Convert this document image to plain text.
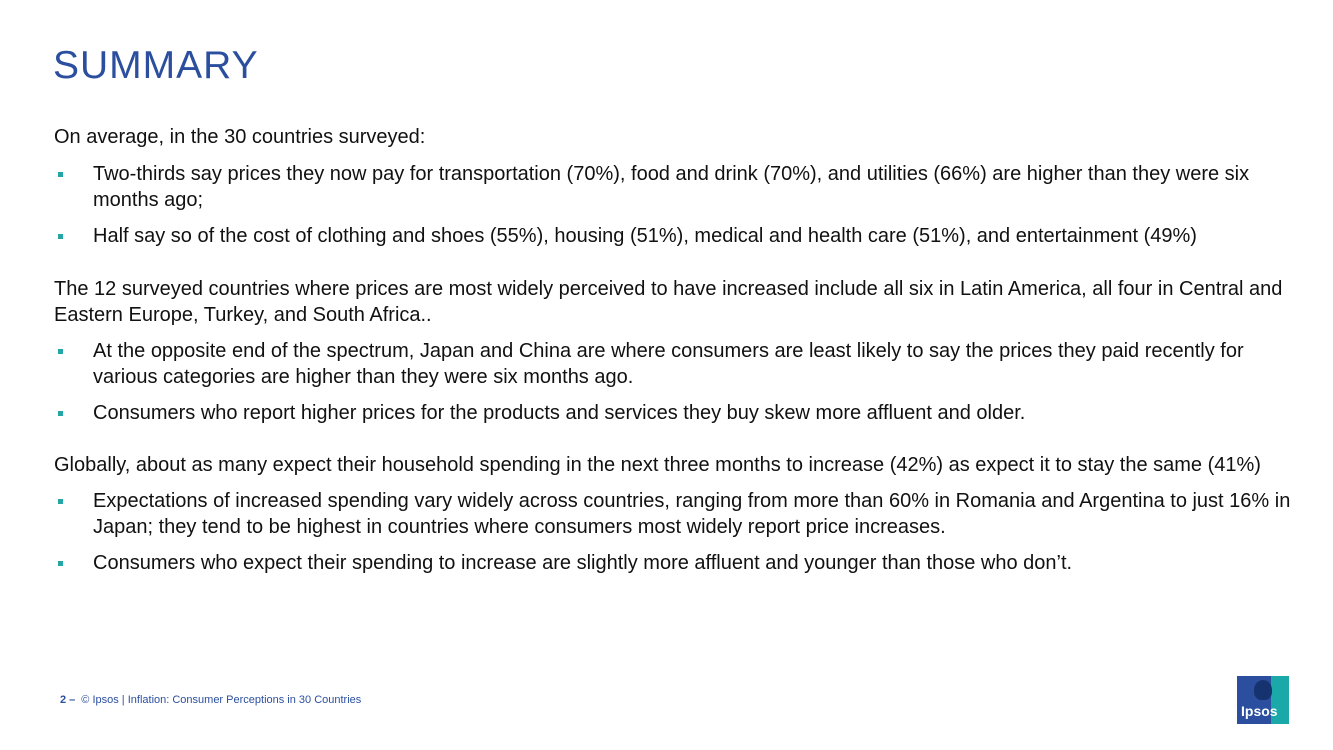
SUMMARY

On average, in the 30 countries surveyed:

Two-thirds say prices they now pay for transportation (70%), food and drink (70%), and utilities (66%) are higher than they were six months ago;
Half say so of the cost of clothing and shoes (55%), housing (51%), medical and health care (51%), and entertainment (49%)

The 12 surveyed countries where prices are most widely perceived to have increased include all six in Latin America, all four in Central and Eastern Europe, Turkey, and South Africa..

At the opposite end of the spectrum, Japan and China are where consumers are least likely to say the prices they paid recently for various categories are higher than they were six months ago.
Consumers who report higher prices for the products and services they buy skew more affluent and older.

Globally, about as many expect their household spending in the next three months to increase (42%) as expect it to stay the same (41%)

Expectations of increased spending vary widely across countries, ranging from more than 60% in Romania and Argentina to just 16% in Japan; they tend to be highest in countries where consumers most widely report price increases.
Consumers who expect their spending to increase are slightly more affluent and younger than those who don’t.
2 – © Ipsos | Inflation: Consumer Perceptions in 30 Countries
Ipsos
